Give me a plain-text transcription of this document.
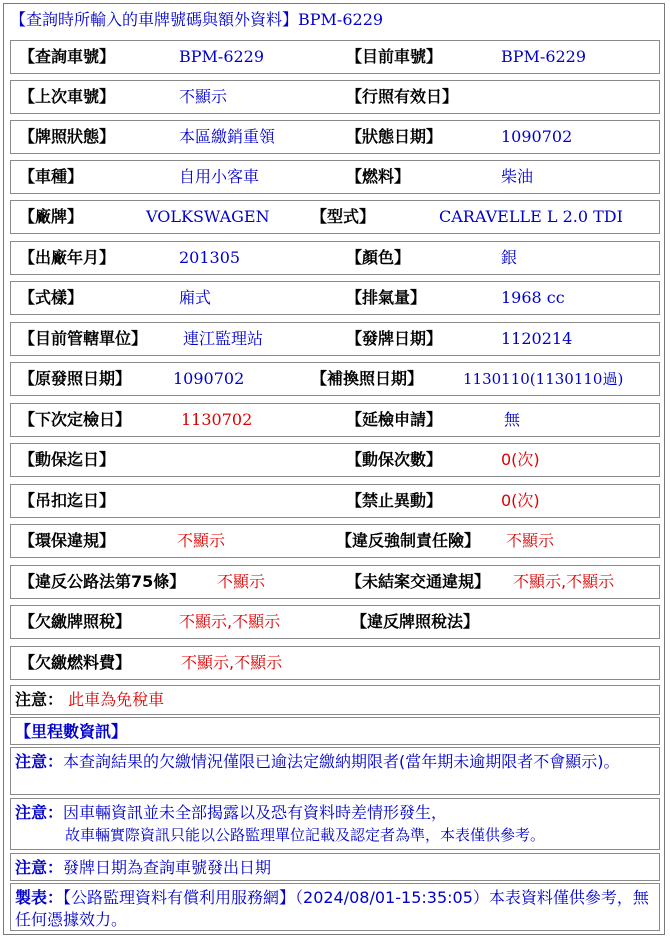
【查詢時所輸入的車牌號碼與額外資料】BPM-6229
【查詢車號】	BPM-6229	【目前車號】	BPM-6229
【上次車號】	不顯示	【行照有效日】
【牌照狀態】	本區繳銷重領	【狀態日期】	1090702
【車種】	自用小客車	【燃料】	柴油
【廠牌】	VOLKSWAGEN	【型式】	CARAVELLE L 2.0 TDI
【出廠年月】	201305	【顏色】	銀
【式樣】	廂式	【排氣量】	1968 cc
【目前管轄單位】 連江監理站	【發牌日期】	1120214
【原發照日期】	1090702	【補換照日期】	1130110(1130110過)
【下次定檢日】	1130702	【延檢申請】	無
【動保迄日】	【動保次數】	0(次)
【吊扣迄日】	【禁止異動】	0(次)
【環保違規】	不顯示	【違反強制責任險】 不顯示
【違反公路法第75條】 不顯示	【未結案交通違規】 不顯示,不顯示
【欠繳牌照稅】	不顯示,不顯示	【違反牌照稅法】
【欠繳燃料費】	不顯示,不顯示
注意： 此車為免稅車
【里程數資訊】
注意：本查詢結果的欠繳情況僅限已逾法定繳納期限者(當年期未逾期限者不會顯示)。
注意：因車輛資訊並未全部揭露以及恐有資料時差情形發生，
故車輛實際資訊只能以公路監理單位記載及認定者為準，本表僅供參考。
注意：發牌日期為查詢車號發出日期
製表：【公路監理資料有償利用服務網】（2024/08/01-15:35:05）本表資料僅供參考，無任何憑據效力。
